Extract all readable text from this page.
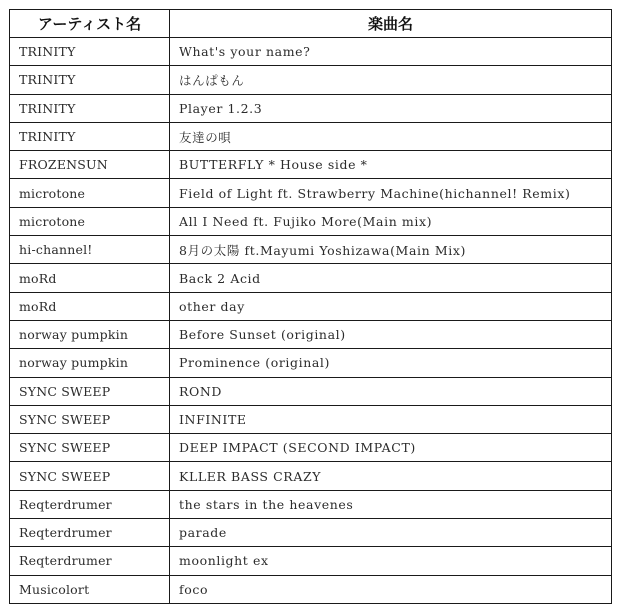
アーティスト名	楽曲名
TRINITY	What's your name?
TRINITY	はんぱもん
TRINITY	Player 1.2.3
TRINITY	友達の唄
FROZENSUN	BUTTERFLY * House side *
microtone	Field of Light ft. Strawberry Machine(hichannel! Remix)
microtone	All I Need ft. Fujiko More(Main mix)
hi-channel!	8月の太陽 ft.Mayumi Yoshizawa(Main Mix)
moRd	Back 2 Acid
moRd	other day
norway pumpkin	Before Sunset (original)
norway pumpkin	Prominence (original)
SYNC SWEEP	ROND
SYNC SWEEP	INFINITE
SYNC SWEEP	DEEP IMPACT (SECOND IMPACT)
SYNC SWEEP	KLLER BASS CRAZY
Reqterdrumer	the stars in the heavenes
Reqterdrumer	parade
Reqterdrumer	moonlight ex
Musicolort	foco
